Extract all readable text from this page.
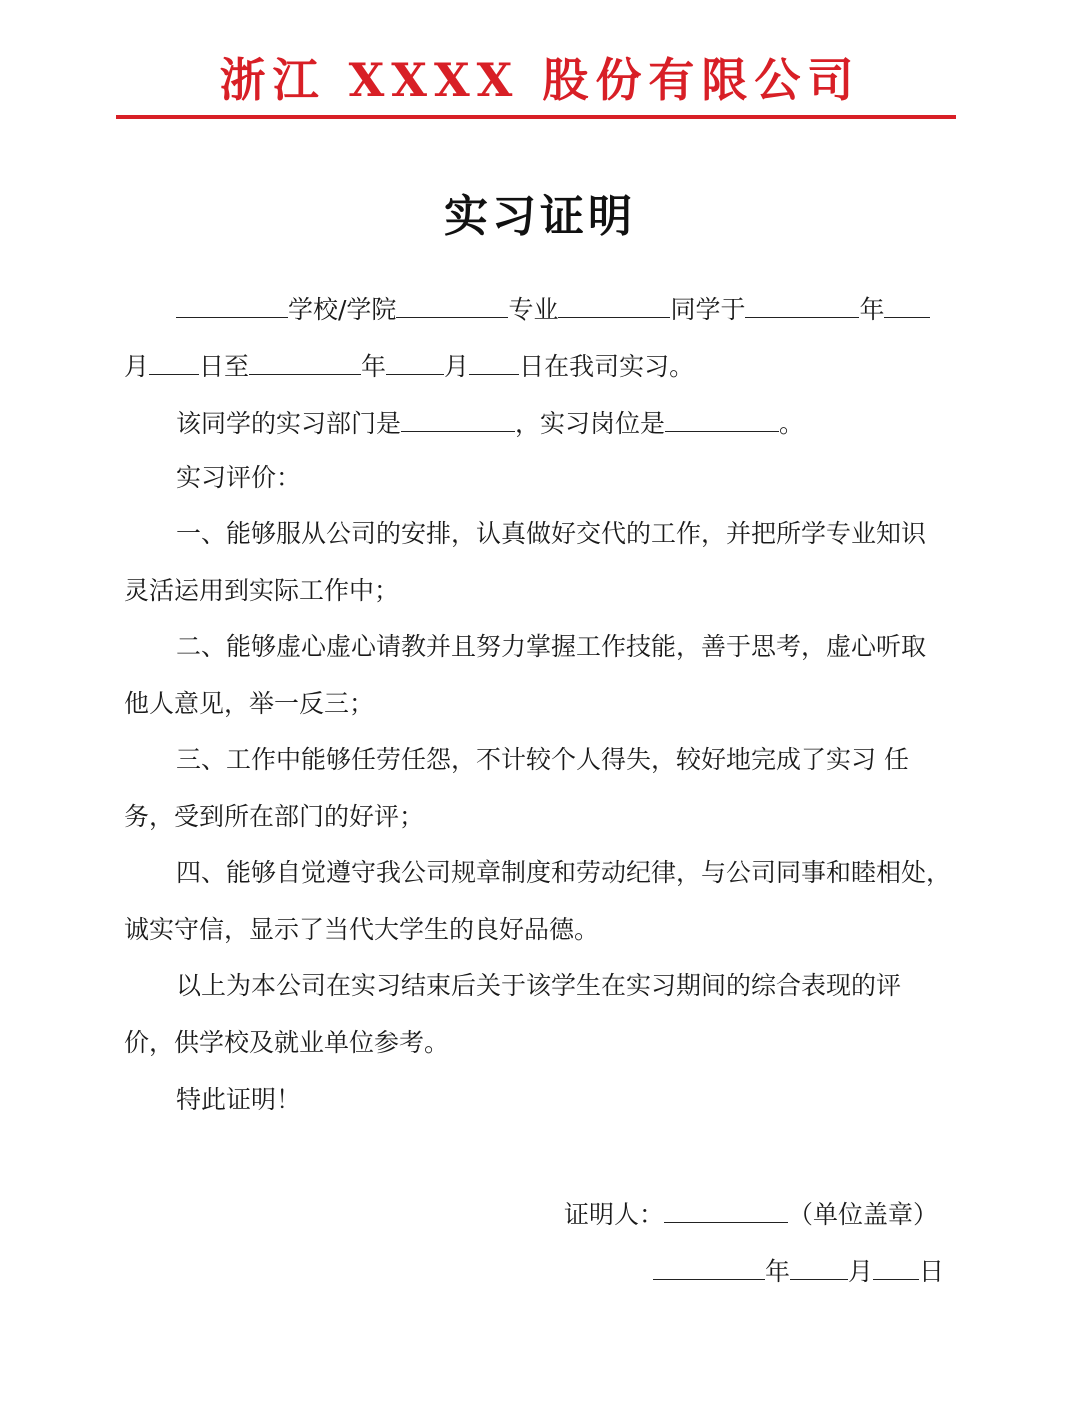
浙江 XXXX 股份有限公司
实习证明
学校/学院	专业	同学于	年
月 日至	年 月 日在我司实习。
该同学的实习部门是	，实习岗位是	。
实习评价：
一、能够服从公司的安排，认真做好交代的工作，并把所学专业知识
灵活运用到实际工作中；
二、能够虚心虚心请教并且努力掌握工作技能，善于思考，虚心听取
他人意见，举一反三；
三、工作中能够任劳任怨，不计较个人得失，较好地完成了实习 任
务，受到所在部门的好评；
四、能够自觉遵守我公司规章制度和劳动纪律，与公司同事和睦相处，
诚实守信，显示了当代大学生的良好品德。
以上为本公司在实习结束后关于该学生在实习期间的综合表现的评
价，供学校及就业单位参考。
特此证明！
证明人：	（单位盖章）
年 月 日
